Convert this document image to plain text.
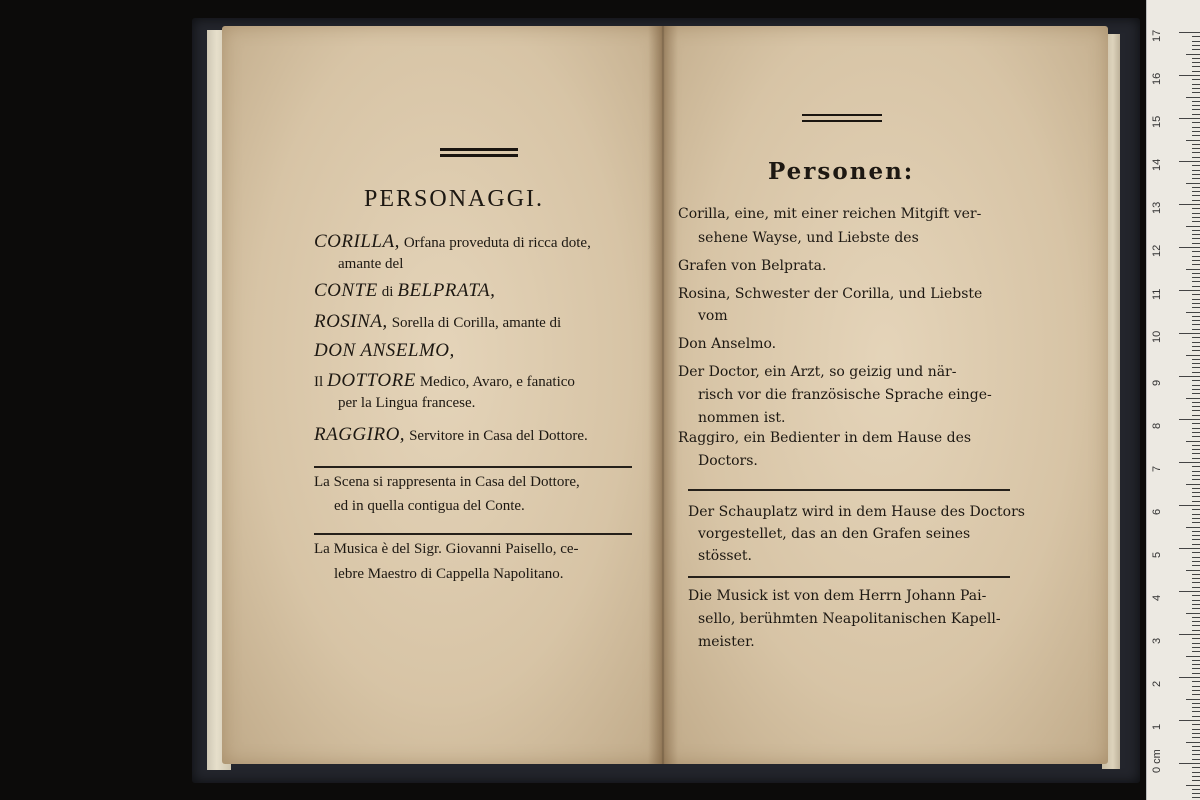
PERSONAGGI.
CORILLA, Orfana proveduta di ricca dote,
amante del
CONTE di BELPRATA,
ROSINA, Sorella di Corilla, amante di
DON ANSELMO,
Il DOTTORE Medico, Avaro, e fanatico
per la Lingua francese.
RAGGIRO, Servitore in Casa del Dottore.
La Scena si rappresenta in Casa del Dottore,
ed in quella contigua del Conte.
La Musica è del Sigr. Giovanni Paisello, ce-
lebre Maestro di Cappella Napolitano.
Personen:
Corilla, eine, mit einer reichen Mitgift ver-
sehene Wayse, und Liebste des
Grafen von Belprata.
Rosina, Schwester der Corilla, und Liebste
vom
Don Anselmo.
Der Doctor, ein Arzt, so geizig und när-
risch vor die französische Sprache einge-
nommen ist.
Raggiro, ein Bedienter in dem Hause des
Doctors.
Der Schauplatz wird in dem Hause des Doctors
vorgestellet, das an den Grafen seines
stösset.
Die Musick ist von dem Herrn Johann Pai-
sello, berühmten Neapolitanischen Kapell-
meister.
17
16
15
14
13
12
11
10
9
8
7
6
5
4
3
2
1
0 cm
